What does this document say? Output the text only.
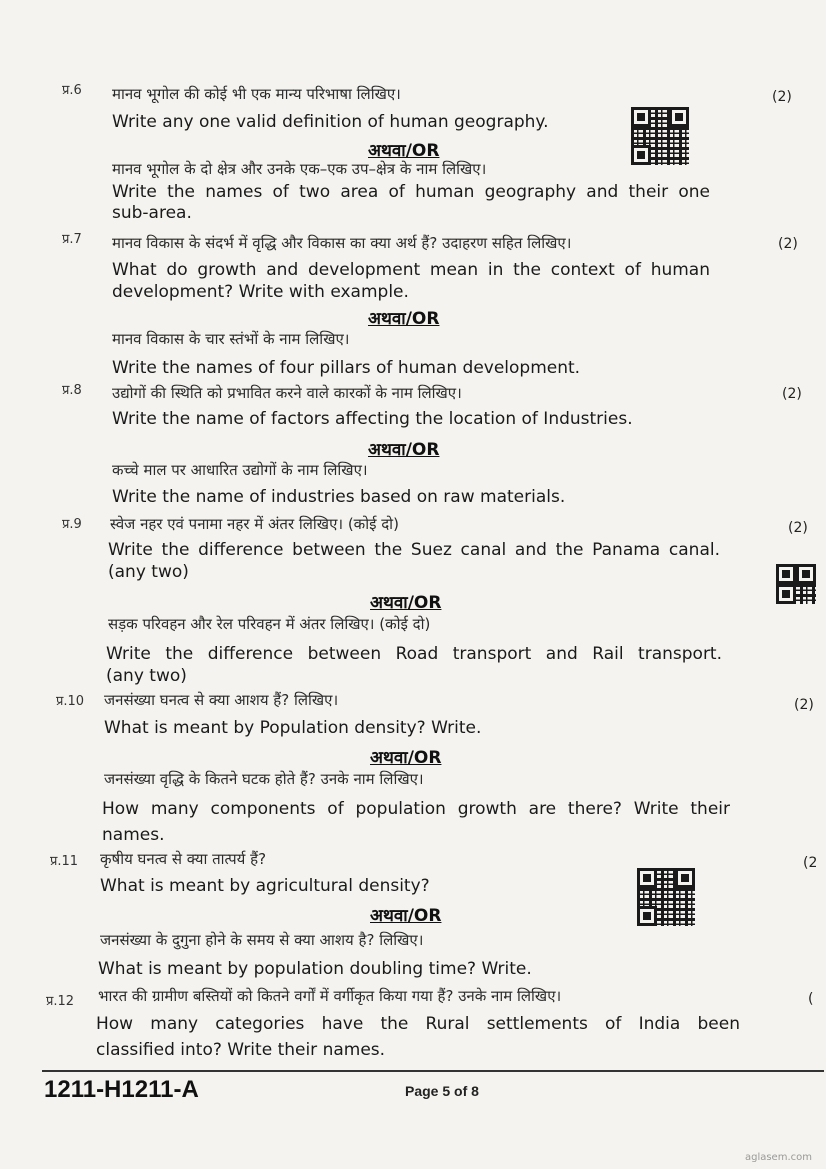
प्र.6	(2)
मानव भूगोल की कोई भी एक मान्य परिभाषा लिखिए।
Write any one valid definition of human geography.
अथवा/OR
मानव भूगोल के दो क्षेत्र और उनके एक–एक उप–क्षेत्र के नाम लिखिए।
Write the names of two area of human geography and their one
sub-area.
प्र.7	(2)
मानव विकास के संदर्भ में वृद्धि और विकास का क्या अर्थ हैं? उदाहरण सहित लिखिए।
What do growth and development mean in the context of human
development? Write with example.
अथवा/OR
मानव विकास के चार स्तंभों के नाम लिखिए।
Write the names of four pillars of human development.
प्र.8	(2)
उद्योगों की स्थिति को प्रभावित करने वाले कारकों के नाम लिखिए।
Write the name of factors affecting the location of Industries.
अथवा/OR
कच्चे माल पर आधारित उद्योगों के नाम लिखिए।
Write the name of industries based on raw materials.
प्र.9	(2)
स्वेज नहर एवं पनामा नहर में अंतर लिखिए। (कोई दो)
Write the difference between the Suez canal and the Panama canal.
(any two)
अथवा/OR
सड़क परिवहन और रेल परिवहन में अंतर लिखिए। (कोई दो)
Write the difference between Road transport and Rail transport.
(any two)
प्र.10	(2)
जनसंख्या घनत्व से क्या आशय हैं? लिखिए।
What is meant by Population density? Write.
अथवा/OR
जनसंख्या वृद्धि के कितने घटक होते हैं? उनके नाम लिखिए।
How many components of population growth are there? Write their
names.
प्र.11	(2
कृषीय घनत्व से क्या तात्पर्य हैं?
What is meant by agricultural density?
अथवा/OR
जनसंख्या के दुगुना होने के समय से क्या आशय है? लिखिए।
What is meant by population doubling time? Write.
प्र.12	(
भारत की ग्रामीण बस्तियों को कितने वर्गों में वर्गीकृत किया गया हैं? उनके नाम लिखिए।
How many categories have the Rural settlements of India been
classified into? Write their names.
1211-H1211-A	Page 5 of 8
aglasem.com
